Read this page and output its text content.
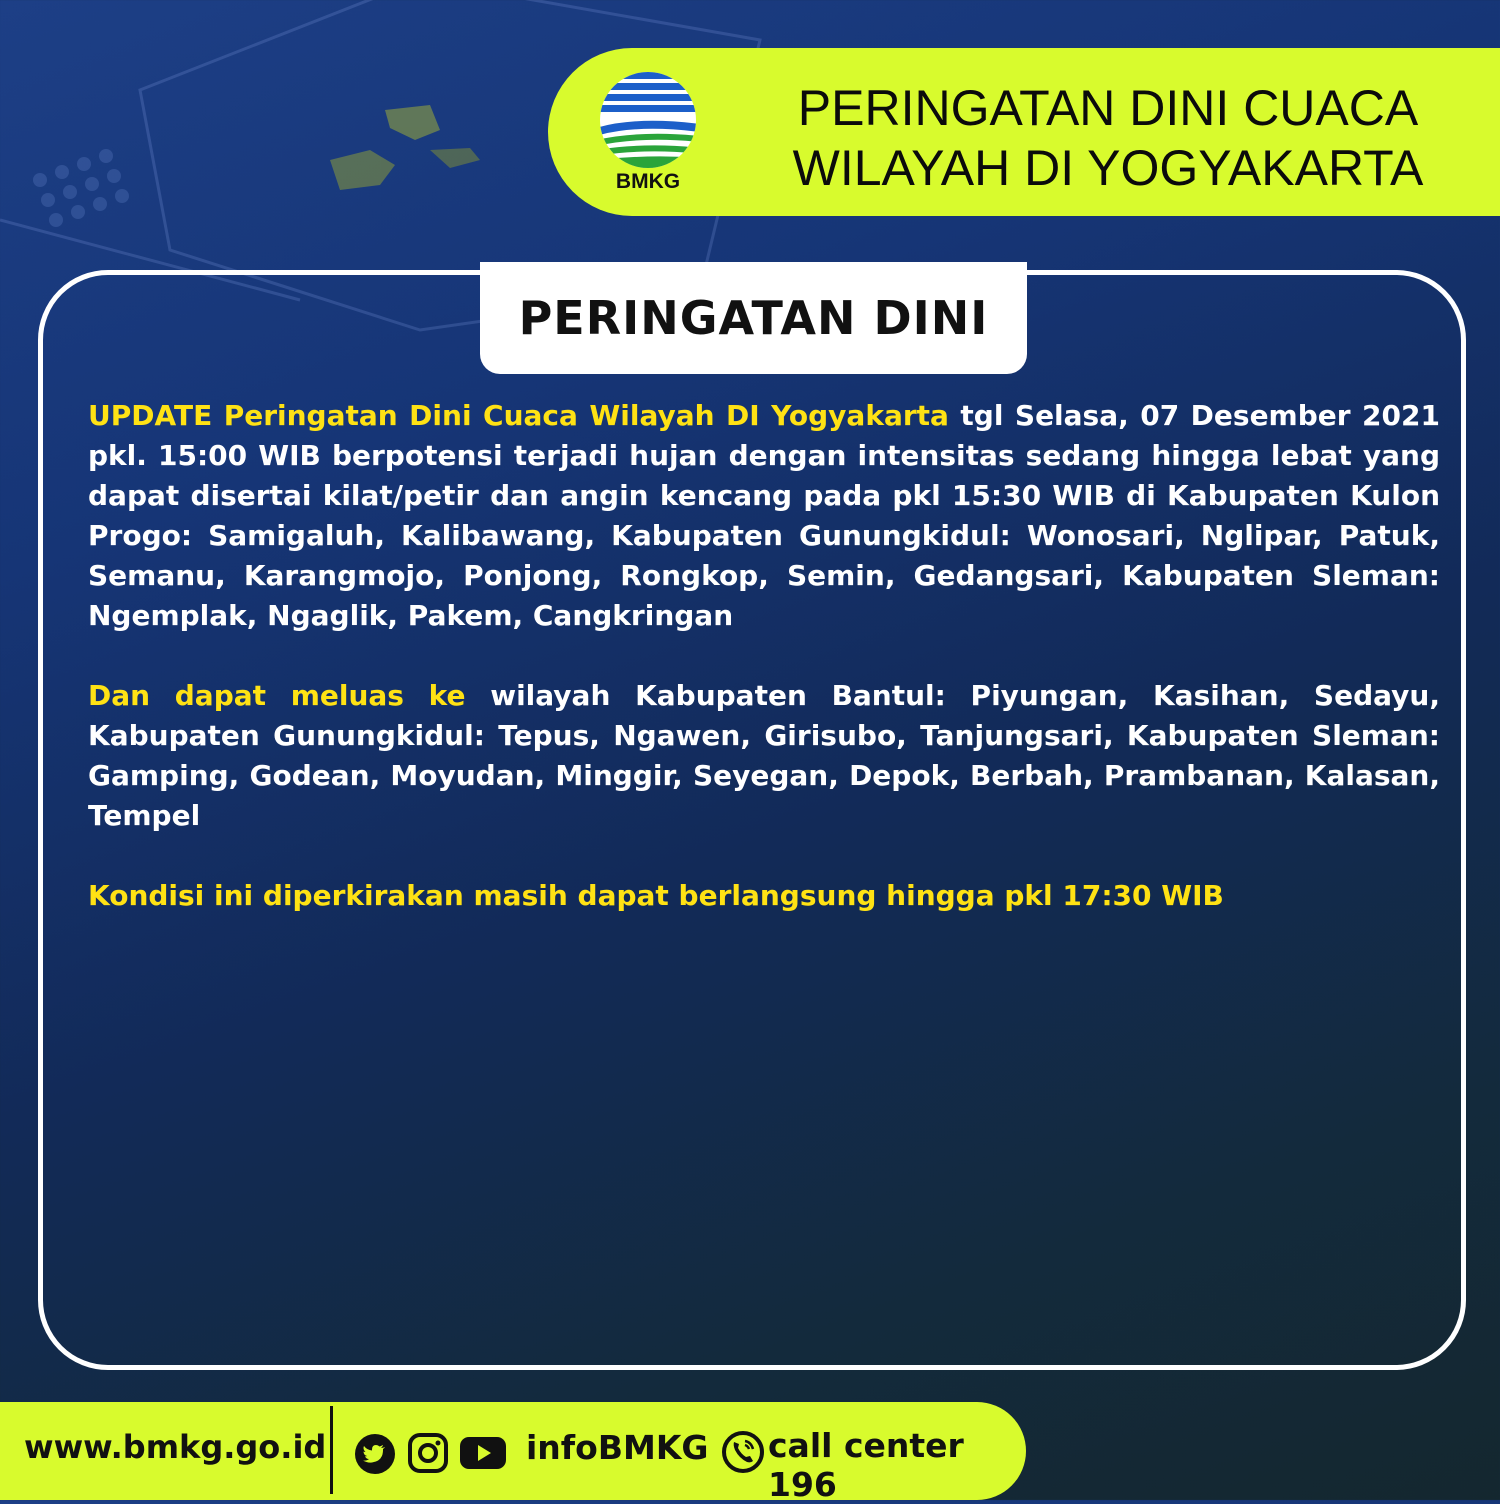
BMKG
PERINGATAN DINI CUACA
WILAYAH DI YOGYAKARTA
PERINGATAN DINI

UPDATE Peringatan Dini Cuaca Wilayah DI Yogyakarta tgl Selasa, 07 Desember 2021 pkl. 15:00 WIB berpotensi terjadi hujan dengan intensitas sedang hingga lebat yang dapat disertai kilat/petir dan angin kencang pada pkl 15:30 WIB di Kabupaten Kulon Progo: Samigaluh, Kalibawang, Kabupaten Gunungkidul: Wonosari, Nglipar, Patuk, Semanu, Karangmojo, Ponjong, Rongkop, Semin, Gedangsari, Kabupaten Sleman: Ngemplak, Ngaglik, Pakem, Cangkringan

Dan dapat meluas ke wilayah Kabupaten Bantul: Piyungan, Kasihan, Sedayu, Kabupaten Gunungkidul: Tepus, Ngawen, Girisubo, Tanjungsari, Kabupaten Sleman: Gamping, Godean, Moyudan, Minggir, Seyegan, Depok, Berbah, Prambanan, Kalasan, Tempel

Kondisi ini diperkirakan masih dapat berlangsung hingga pkl 17:30 WIB

www.bmkg.go.id	infoBMKG call center 196
